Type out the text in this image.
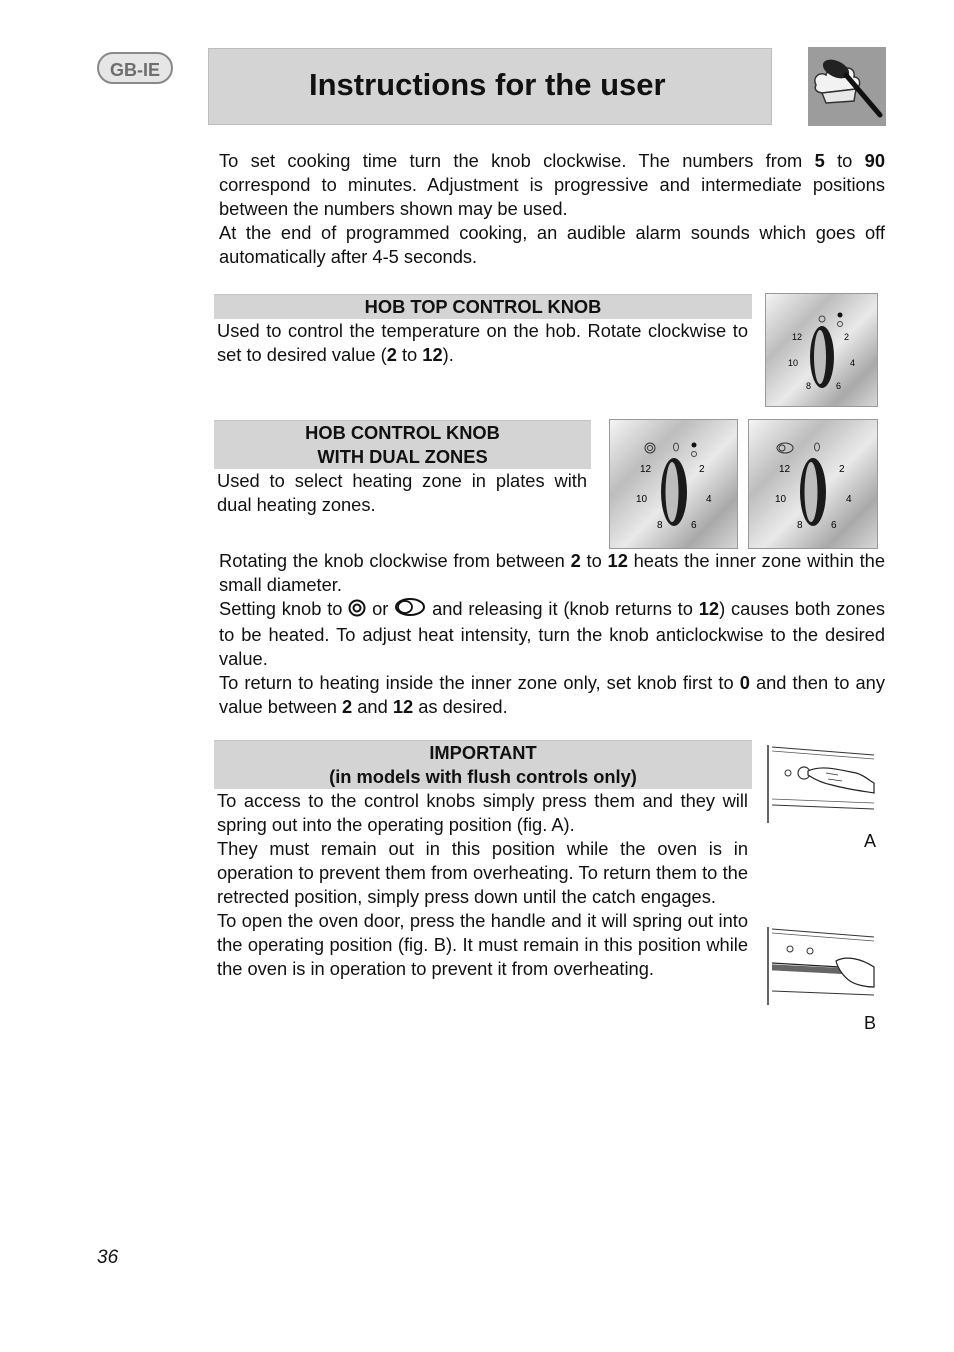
GB-IE	Instructions for the user
To set cooking time turn the knob clockwise. The numbers from 5 to 90 correspond to minutes. Adjustment is progressive and intermediate positions between the numbers shown may be used.
At the end of programmed cooking, an audible alarm sounds which goes off automatically after 4-5 seconds.
HOB TOP CONTROL KNOB
Used to control the temperature on the hob. Rotate clockwise to set to desired value (2 to 12).
12	2
10	4
8	6
HOB CONTROL KNOB
WITH DUAL ZONES
Used to select heating zone in plates with dual heating zones.
12	2
10	4
8	6
12	2
10	4
8	6
Rotating the knob clockwise from between 2 to 12 heats the inner zone within the small diameter.
Setting knob to  or  and releasing it (knob returns to 12) causes both zones to be heated. To adjust heat intensity, turn the knob anticlockwise to the desired value.
To return to heating inside the inner zone only, set knob first to 0 and then to any value between 2 and 12 as desired.
IMPORTANT
(in models with flush controls only)
To access to the control knobs simply press them and they will spring out into the operating position (fig. A).
They must remain out in this position while the oven is in operation to prevent them from overheating. To return them to the retrected position, simply press down until the catch engages.
To open the oven door, press the handle and it will spring out into the operating position (fig. B). It must remain in this position while the oven is in operation to prevent it from overheating.
A
B
36
